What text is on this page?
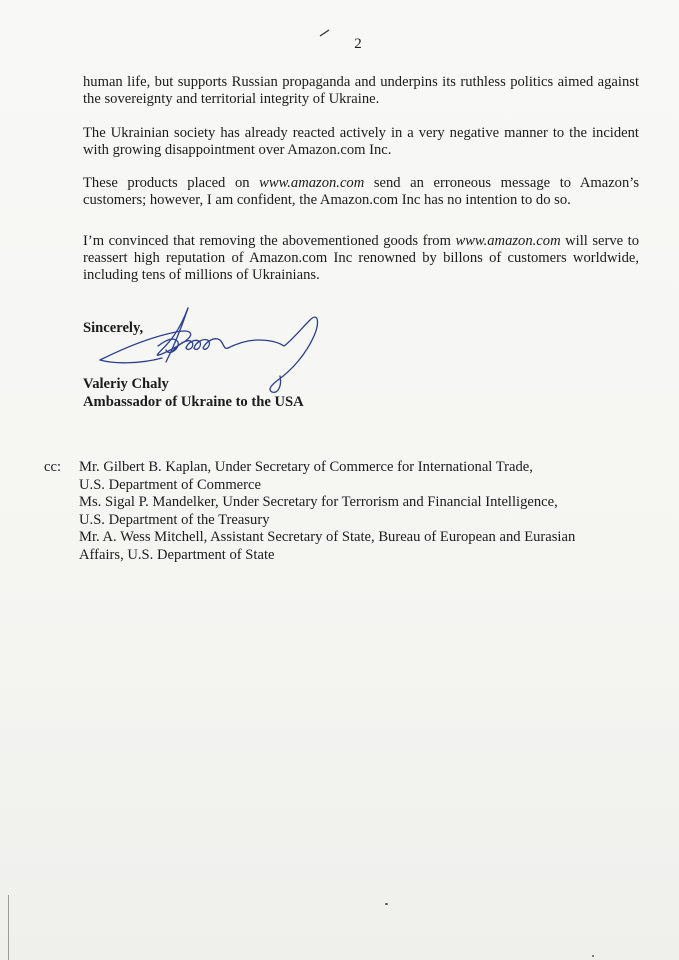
2

human life, but supports Russian propaganda and underpins its ruthless politics aimed against the sovereignty and territorial integrity of Ukraine.

The Ukrainian society has already reacted actively in a very negative manner to the incident with growing disappointment over Amazon.com Inc.

These products placed on www.amazon.com send an erroneous message to Amazon’s customers; however, I am confident, the Amazon.com Inc has no intention to do so.

I’m convinced that removing the abovementioned goods from www.amazon.com will serve to reassert high reputation of Amazon.com Inc renowned by billons of customers worldwide, including tens of millions of Ukrainians.

Sincerely,
Valeriy Chaly
Ambassador of Ukraine to the USA
cc: Mr. Gilbert B. Kaplan, Under Secretary of Commerce for International Trade,
U.S. Department of Commerce
Ms. Sigal P. Mandelker, Under Secretary for Terrorism and Financial Intelligence,
U.S. Department of the Treasury
Mr. A. Wess Mitchell, Assistant Secretary of State, Bureau of European and Eurasian
Affairs, U.S. Department of State
